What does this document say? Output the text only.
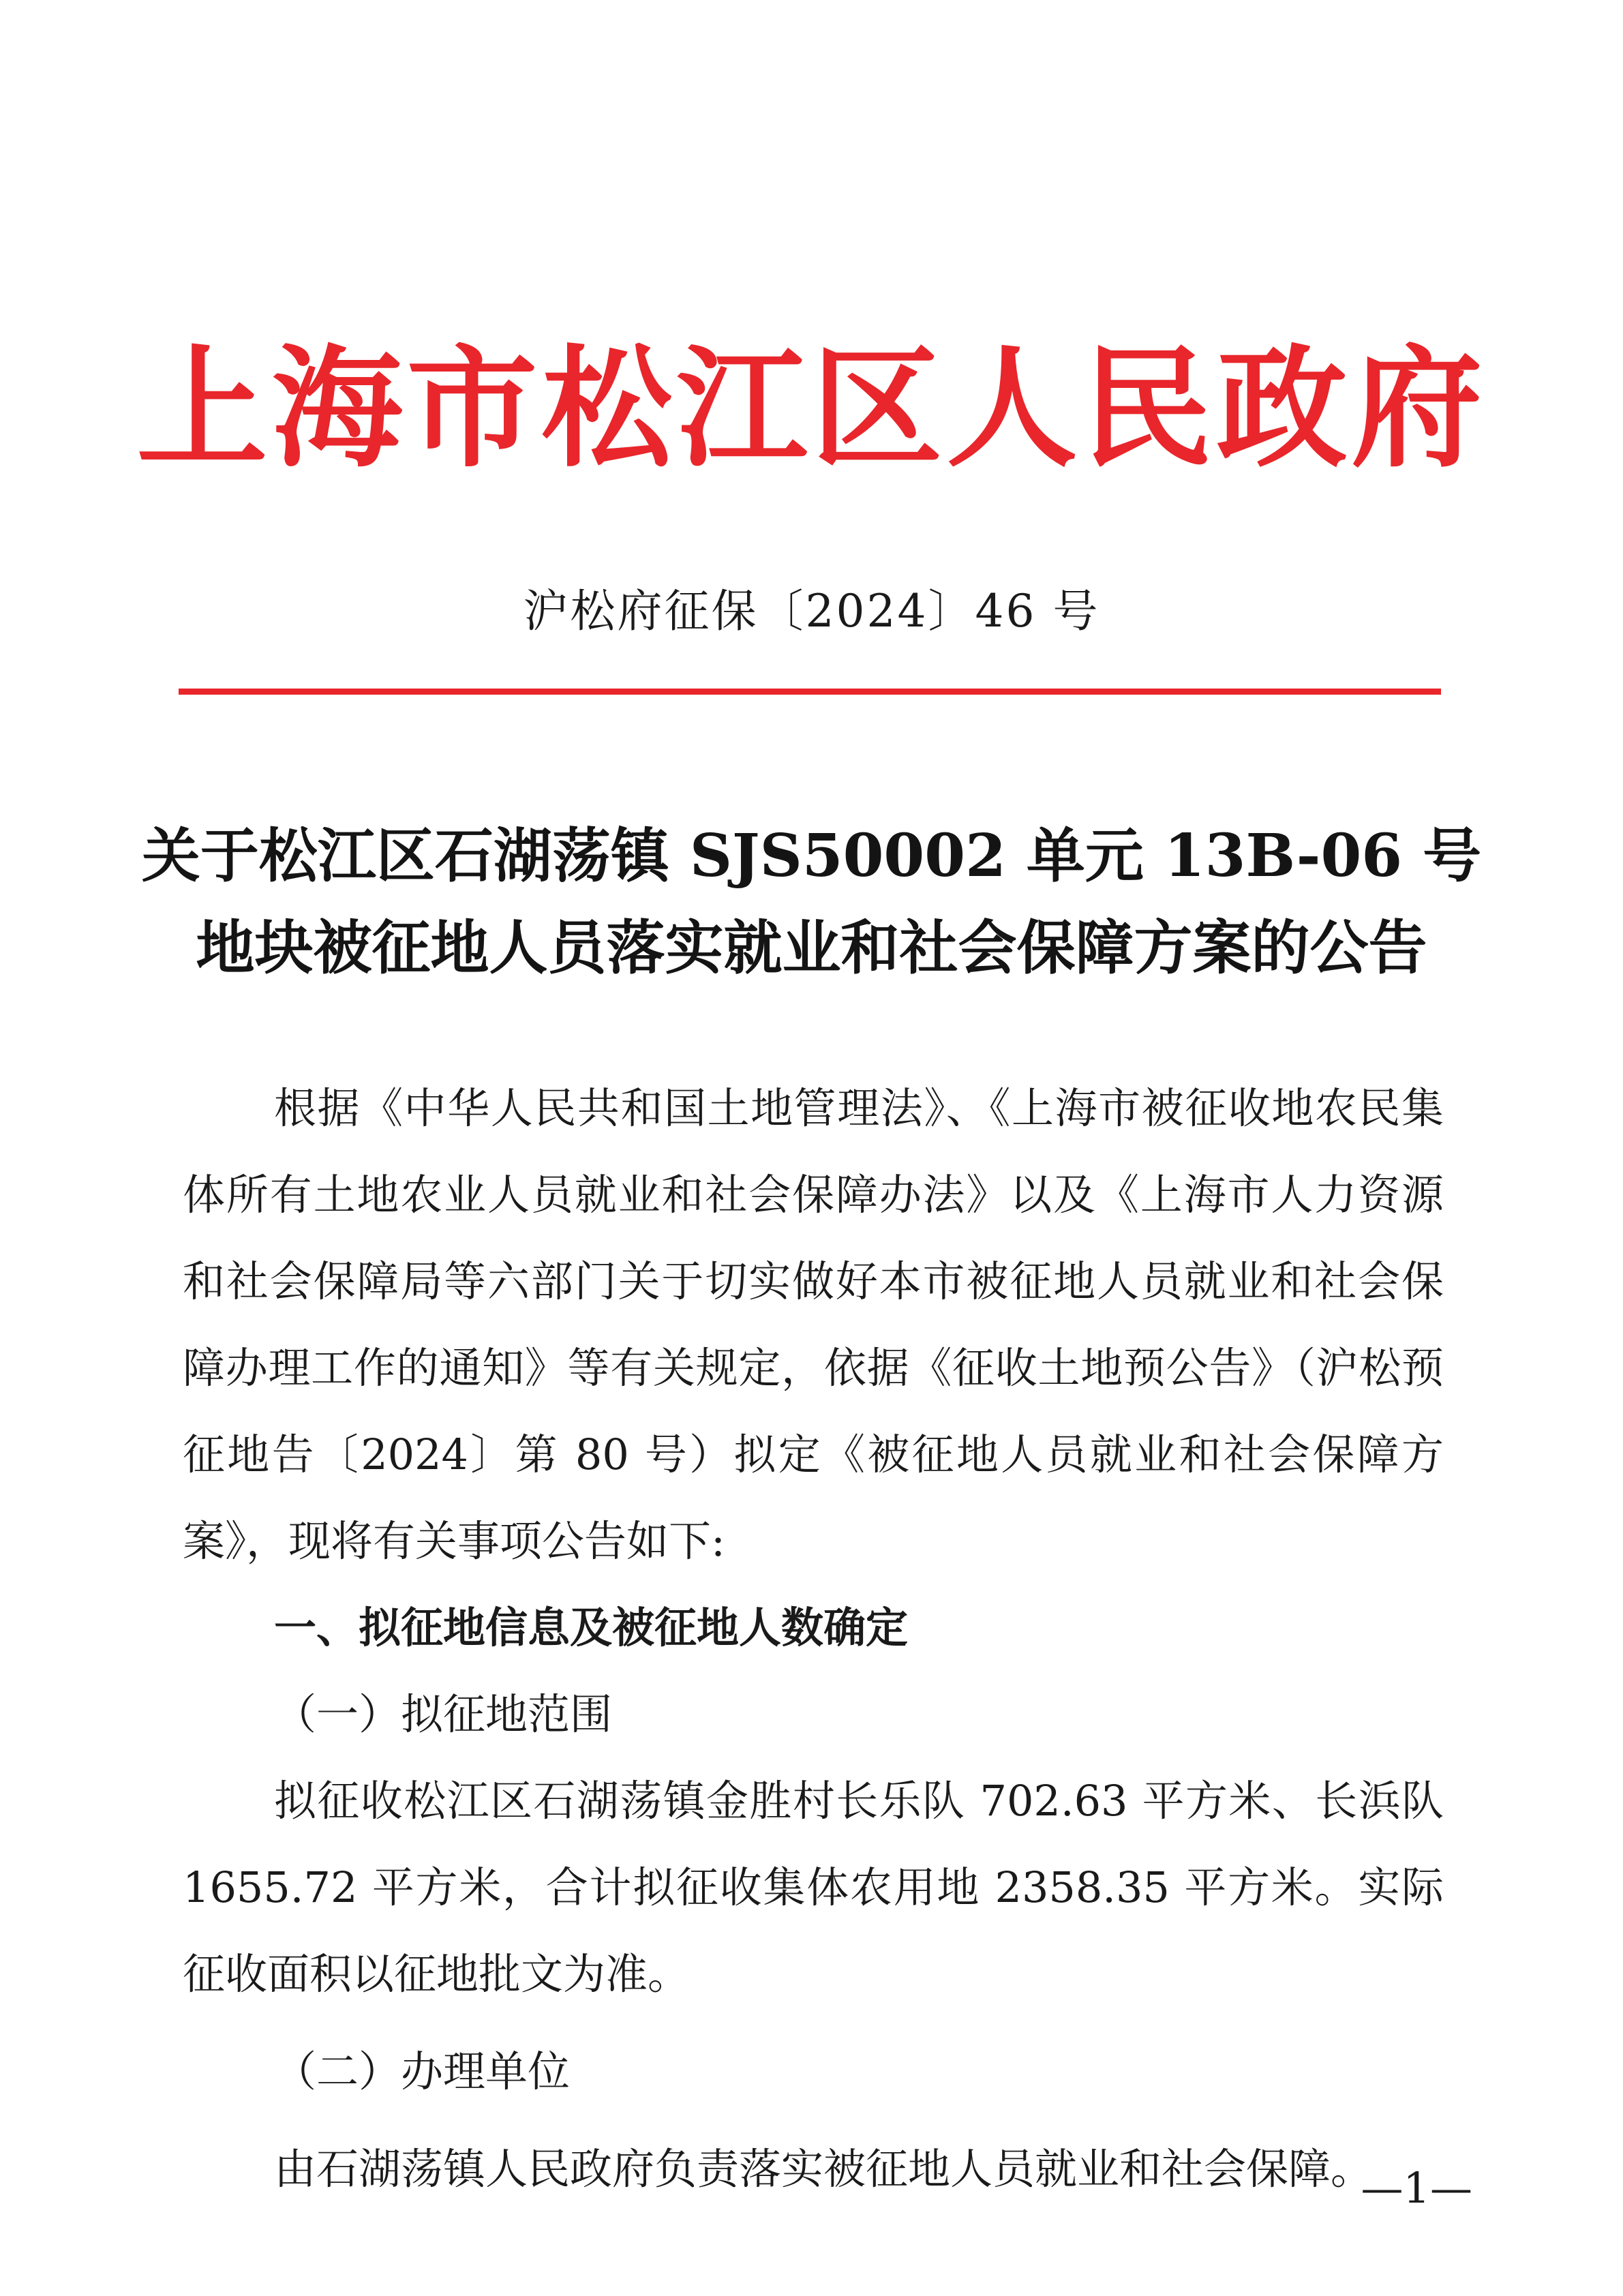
上海市松江区人民政府
沪松府征保〔2024〕46 号
关于松江区石湖荡镇 SJS50002 单元 13B-06 号
地块被征地人员落实就业和社会保障方案的公告

根据《中华人民共和国土地管理法》、《上海市被征收地农民集体所有土地农业人员就业和社会保障办法》以及《上海市人力资源和社会保障局等六部门关于切实做好本市被征地人员就业和社会保障办理工作的通知》等有关规定，依据《征收土地预公告》（沪松预征地告〔2024〕第 80 号）拟定《被征地人员就业和社会保障方案》，现将有关事项公告如下:

一、拟征地信息及被征地人数确定

（一）拟征地范围

拟征收松江区石湖荡镇金胜村长乐队 702.63 平方米、长浜队 1655.72 平方米，合计拟征收集体农用地 2358.35 平方米。实际征收面积以征地批文为准。

（二）办理单位

由石湖荡镇人民政府负责落实被征地人员就业和社会保障。

—1—
